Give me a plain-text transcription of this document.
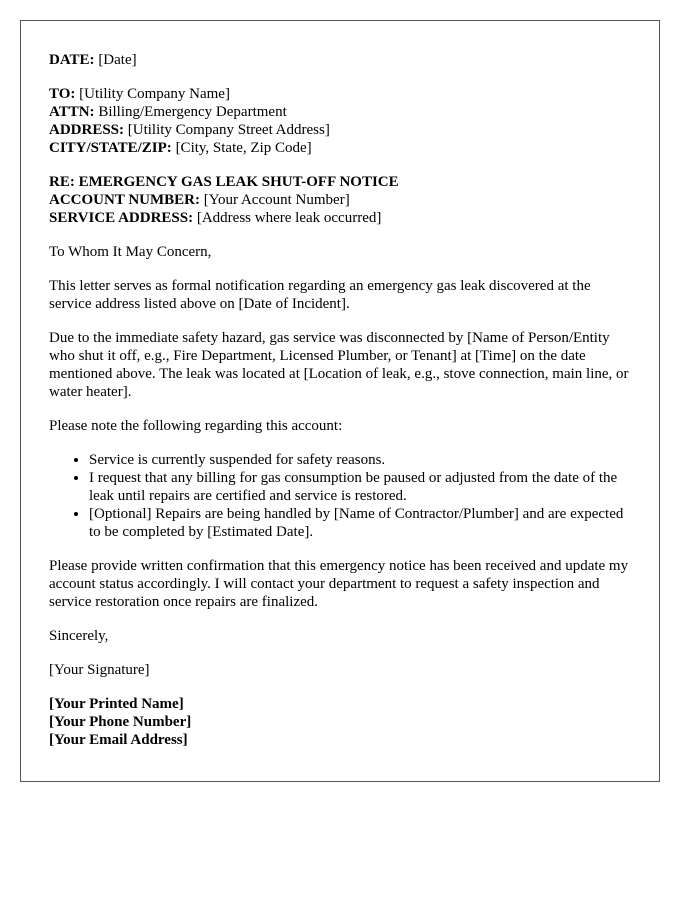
DATE: [Date]
TO: [Utility Company Name]
ATTN: Billing/Emergency Department
ADDRESS: [Utility Company Street Address]
CITY/STATE/ZIP: [City, State, Zip Code]
RE: EMERGENCY GAS LEAK SHUT-OFF NOTICE
ACCOUNT NUMBER: [Your Account Number]
SERVICE ADDRESS: [Address where leak occurred]

To Whom It May Concern,

This letter serves as formal notification regarding an emergency gas leak discovered at the service address listed above on [Date of Incident].

Due to the immediate safety hazard, gas service was disconnected by [Name of Person/Entity who shut it off, e.g., Fire Department, Licensed Plumber, or Tenant] at [Time] on the date mentioned above. The leak was located at [Location of leak, e.g., stove connection, main line, or water heater].

Please note the following regarding this account:

• Service is currently suspended for safety reasons.
• I request that any billing for gas consumption be paused or adjusted from the date of the leak until repairs are certified and service is restored.
• [Optional] Repairs are being handled by [Name of Contractor/Plumber] and are expected to be completed by [Estimated Date].

Please provide written confirmation that this emergency notice has been received and update my account status accordingly. I will contact your department to request a safety inspection and service restoration once repairs are finalized.

Sincerely,

[Your Signature]

[Your Printed Name]
[Your Phone Number]
[Your Email Address]
